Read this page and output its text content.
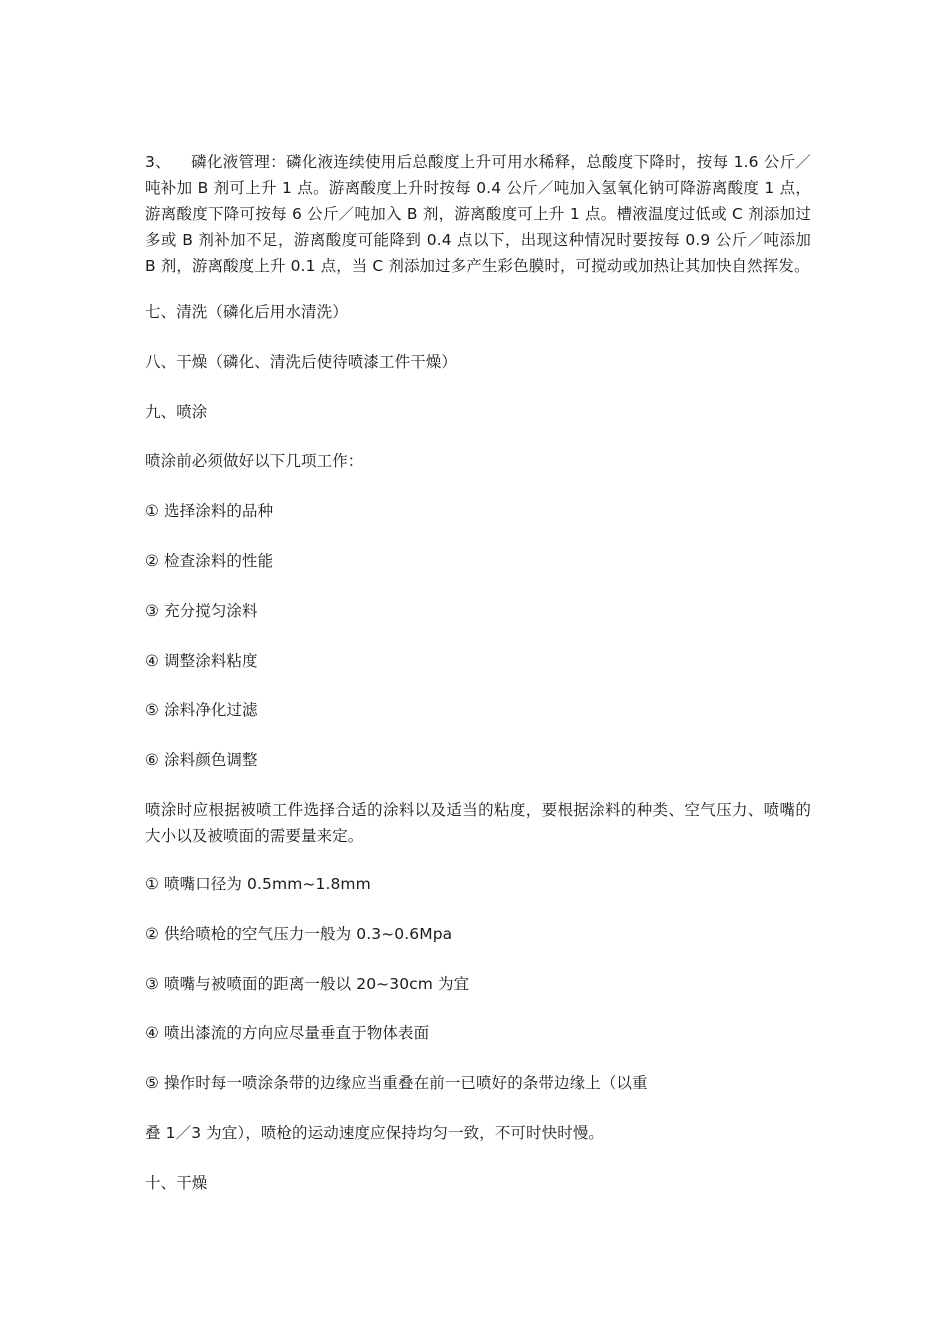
3、 磷化液管理：磷化液连续使用后总酸度上升可用水稀释，总酸度下降时，按每 1.6 公斤／吨补加 B 剂可上升 1 点。游离酸度上升时按每 0.4 公斤／吨加入氢氧化钠可降游离酸度 1 点，游离酸度下降可按每 6 公斤／吨加入 B 剂，游离酸度可上升 1 点。槽液温度过低或 C 剂添加过多或 B 剂补加不足，游离酸度可能降到 0.4 点以下，出现这种情况时要按每 0.9 公斤／吨添加 B 剂，游离酸度上升 0.1 点，当 C 剂添加过多产生彩色膜时，可搅动或加热让其加快自然挥发。

七、清洗（磷化后用水清洗）

八、干燥（磷化、清洗后使待喷漆工件干燥）

九、喷涂

喷涂前必须做好以下几项工作：

① 选择涂料的品种

② 检查涂料的性能

③ 充分搅匀涂料

④ 调整涂料粘度

⑤ 涂料净化过滤

⑥ 涂料颜色调整

喷涂时应根据被喷工件选择合适的涂料以及适当的粘度，要根据涂料的种类、空气压力、喷嘴的大小以及被喷面的需要量来定。

① 喷嘴口径为 0.5mm~1.8mm

② 供给喷枪的空气压力一般为 0.3~0.6Mpa

③ 喷嘴与被喷面的距离一般以 20~30cm 为宜

④ 喷出漆流的方向应尽量垂直于物体表面

⑤ 操作时每一喷涂条带的边缘应当重叠在前一已喷好的条带边缘上（以重

叠 1／3 为宜），喷枪的运动速度应保持均匀一致，不可时快时慢。

十、干燥
